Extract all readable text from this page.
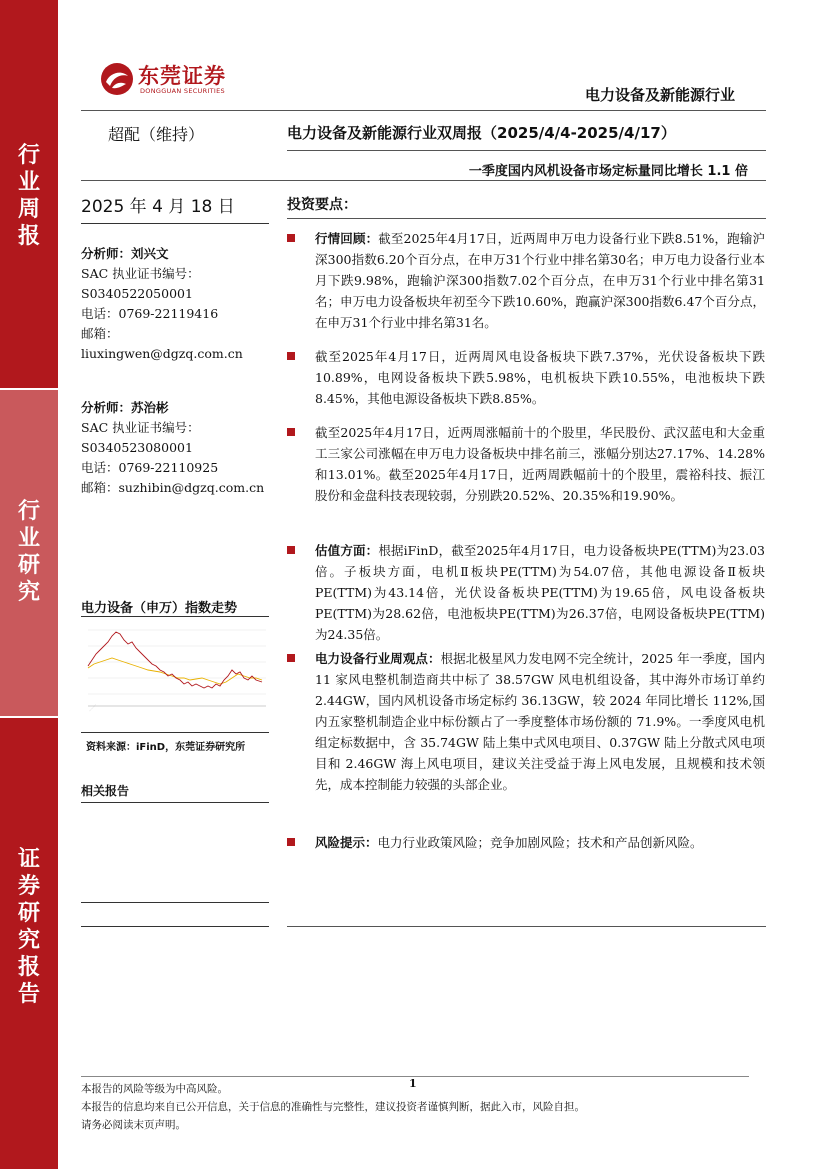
行业周报
行业研究
证券研究报告
东莞证券
DONGGUAN SECURITIES	电力设备及新能源行业
超配（维持）	电力设备及新能源行业双周报（2025/4/4-2025/4/17）
一季度国内风机设备市场定标量同比增长 1.1 倍
2025 年 4 月 18 日
分析师：刘兴文
SAC 执业证书编号：
S0340522050001
电话：0769-22119416
邮箱：
liuxingwen@dgzq.com.cn
分析师：苏治彬
SAC 执业证书编号：
S0340523080001
电话：0769-22110925
邮箱：suzhibin@dgzq.com.cn
电力设备（申万）指数走势
··········
资料来源：iFinD，东莞证券研究所
相关报告
投资要点：
行情回顾：截至2025年4月17日，近两周申万电力设备行业下跌8.51%，跑输沪深300指数6.20个百分点，在申万31个行业中排名第30名；申万电力设备行业本月下跌9.98%，跑输沪深300指数7.02个百分点，在申万31个行业中排名第31名；申万电力设备板块年初至今下跌10.60%，跑赢沪深300指数6.47个百分点，在申万31个行业中排名第31名。
截至2025年4月17日，近两周风电设备板块下跌7.37%，光伏设备板块下跌10.89%，电网设备板块下跌5.98%，电机板块下跌10.55%，电池板块下跌8.45%，其他电源设备板块下跌8.85%。
截至2025年4月17日，近两周涨幅前十的个股里，华民股份、武汉蓝电和大金重工三家公司涨幅在申万电力设备板块中排名前三，涨幅分别达27.17%、14.28%和13.01%。截至2025年4月17日，近两周跌幅前十的个股里，震裕科技、振江股份和金盘科技表现较弱，分别跌20.52%、20.35%和19.90%。
估值方面：根据iFinD，截至2025年4月17日，电力设备板块PE(TTM)为23.03倍。子板块方面，电机Ⅱ板块PE(TTM)为54.07倍，其他电源设备Ⅱ板块PE(TTM)为43.14倍，光伏设备板块PE(TTM)为19.65倍，风电设备板块PE(TTM)为28.62倍，电池板块PE(TTM)为26.37倍，电网设备板块PE(TTM)为24.35倍。
电力设备行业周观点：根据北极星风力发电网不完全统计，2025 年一季度，国内 11 家风电整机制造商共中标了 38.57GW 风电机组设备，其中海外市场订单约 2.44GW，国内风机设备市场定标约 36.13GW，较 2024 年同比增长 112%,国内五家整机制造企业中标份额占了一季度整体市场份额的 71.9%。一季度风电机组定标数据中，含 35.74GW 陆上集中式风电项目、0.37GW 陆上分散式风电项目和 2.46GW 海上风电项目，建议关注受益于海上风电发展，且规模和技术领先，成本控制能力较强的头部企业。
风险提示：电力行业政策风险；竞争加剧风险；技术和产品创新风险。
1
本报告的风险等级为中高风险。
本报告的信息均来自已公开信息，关于信息的准确性与完整性，建议投资者谨慎判断，据此入市，风险自担。
请务必阅读末页声明。
